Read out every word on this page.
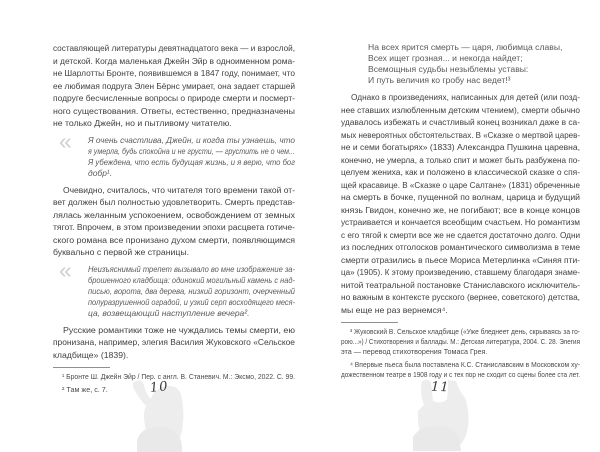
составляющей литературы девятнадцатого века — и взрослой,
и детской. Когда маленькая Джейн Эйр в одноименном рома-
не Шарлотты Бронте, появившемся в 1847 году, понимает, что
ее любимая подруга Элен Бёрнс умирает, она задает старшей
подруге бесчисленные вопросы о природе смерти и посмерт-
ного существования. Ответы, естественно, предназначены
не только Джейн, но и пытливому читателю.
« Я очень счастлива, Джейн, и когда ты узнаешь, что
я умерла, будь спокойна и не грусти, — грустить не о чем...
Я убеждена, что есть будущая жизнь, и я верю, что бог
добр¹.
Очевидно, считалось, что читателя того времени такой от-
вет должен был полностью удовлетворить. Смерть представ-
лялась желанным успокоением, освобождением от земных
тягот. Впрочем, в этом произведении эпохи расцвета готиче-
ского романа все пронизано духом смерти, появляющимся
буквально с первой же страницы.
« Неизъяснимый трепет вызывало во мне изображение за-
брошенного кладбища: одинокий могильный камень с над-
писью, ворота, два дерева, низкий горизонт, очерченный
полуразрушенной оградой, и узкий серп восходящего меся-
ца, возвещающий наступление вечера².
Русские романтики тоже не чуждались темы смерти, ею
пронизана, например, элегия Василия Жуковского «Сельское
кладбище» (1839).
¹ Бронте Ш. Джейн Эйр / Пер. с англ. В. Станевич. М.: Эксмо, 2022. С. 99.
² Там же, с. 7.
На всех ярится смерть — царя, любимца славы,
Всех ищет грозная... и некогда найдет;
Всемощныя судьбы незыблемы уставы:
И путь величия ко гробу нас ведет!³
Однако в произведениях, написанных для детей (или позд-
нее ставших излюбленным детским чтением), смерти обычно
удавалось избежать и счастливый конец возникал даже в са-
мых невероятных обстоятельствах. В «Сказке о мертвой царев-
не и семи богатырях» (1833) Александра Пушкина царевна,
конечно, не умерла, а только спит и может быть разбужена по-
целуем жениха, как и положено в классической сказке о спя-
щей красавице. В «Сказке о царе Салтане» (1831) обреченные
на смерть в бочке, пущенной по волнам, царица и будущий
князь Гвидон, конечно же, не погибают; все в конце концов
устраивается и кончается всеобщим счастьем. Но романтизм
с его тягой к смерти все же не сдается достаточно долго. Одни
из последних отголосков романтического символизма в теме
смерти отразились в пьесе Мориса Метерлинка «Синяя пти-
ца» (1905). К этому произведению, ставшему благодаря знаме-
нитой театральной постановке Станиславского исключитель-
но важным в контексте русского (вернее, советского) детства,
мы еще не раз вернемся⁴.
³ Жуковский В. Сельское кладбище («Уже бледнеет день, скрываясь за го-
рою...») / Стихотворения и баллады. М.: Детская литература, 2004. С. 28. Элегия
эта — перевод стихотворения Томаса Грея.
⁴ Впервые пьеса была поставлена К.С. Станиславским в Московском ху-
дожественном театре в 1908 году и с тех пор не сходит со сцены более ста лет.
10	11
